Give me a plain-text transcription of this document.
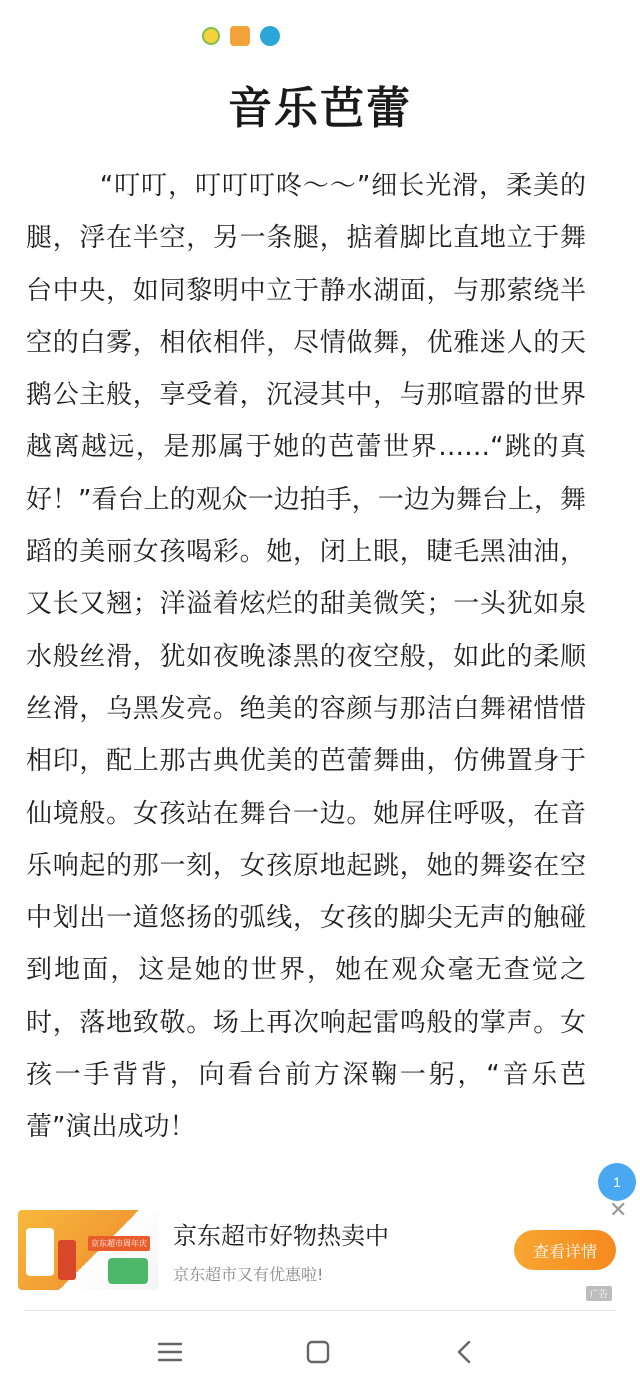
音乐芭蕾
“叮叮，叮叮叮咚～～”细长光滑，柔美的腿，浮在半空，另一条腿，掂着脚比直地立于舞台中央，如同黎明中立于静水湖面，与那萦绕半空的白雾，相依相伴，尽情做舞，优雅迷人的天鹅公主般，享受着，沉浸其中，与那喧嚣的世界越离越远，是那属于她的芭蕾世界……“跳的真好！”看台上的观众一边拍手，一边为舞台上，舞蹈的美丽女孩喝彩。她，闭上眼，睫毛黑油油，又长又翘；洋溢着炫烂的甜美微笑；一头犹如泉水般丝滑，犹如夜晚漆黑的夜空般，如此的柔顺丝滑，乌黑发亮。绝美的容颜与那洁白舞裙惜惜相印，配上那古典优美的芭蕾舞曲，仿佛置身于仙境般。女孩站在舞台一边。她屏住呼吸，在音乐响起的那一刻，女孩原地起跳，她的舞姿在空中划出一道悠扬的弧线，女孩的脚尖无声的触碰到地面，这是她的世界，她在观众毫无查觉之时，落地致敬。场上再次响起雷鸣般的掌声。女孩一手背背，向看台前方深鞠一躬，“音乐芭蕾”演出成功！
1
✕
京东超市周年庆 京东超市好物热卖中
京东超市又有优惠啦!
查看详情
广告
